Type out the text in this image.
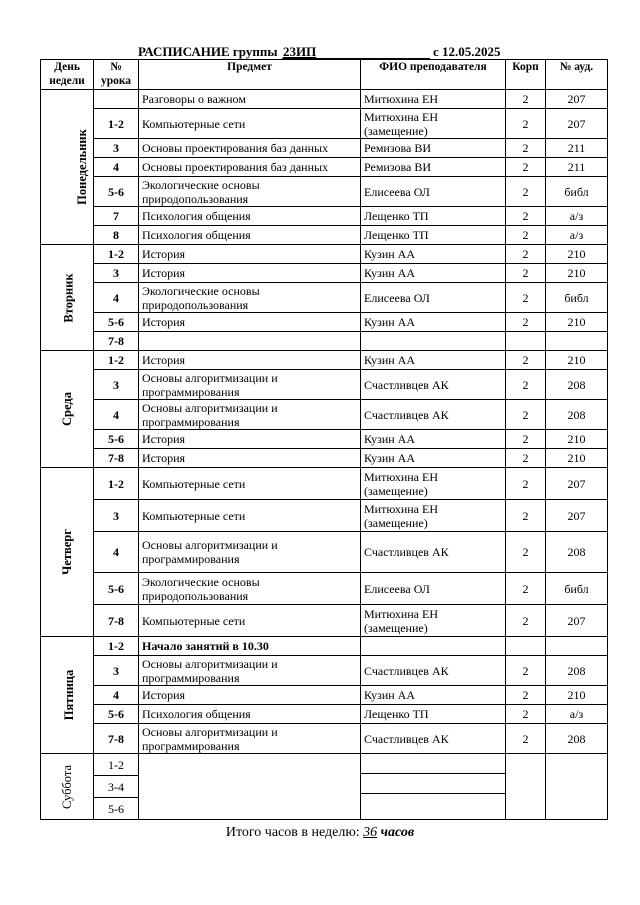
РАСПИСАНИЕ группы 23ИП	с 12.05.2025
День недели	№ урока	Предмет	ФИО преподавателя	Корп	№ ауд.
Понедельник		Разговоры о важном	Митюхина ЕН	2	207
	1-2	Компьютерные сети	Митюхина ЕН (замещение)	2	207
	3	Основы проектирования баз данных	Ремизова ВИ	2	211
	4	Основы проектирования баз данных	Ремизова ВИ	2	211
	5-6	Экологические основы природопользования	Елисеева ОЛ	2	библ
	7	Психология общения	Лещенко ТП	2	а/з
	8	Психология общения	Лещенко ТП	2	а/з
Вторник	1-2	История	Кузин АА	2	210
	3	История	Кузин АА	2	210
	4	Экологические основы природопользования	Елисеева ОЛ	2	библ
	5-6	История	Кузин АА	2	210
	7-8				
Среда	1-2	История	Кузин АА	2	210
	3	Основы алгоритмизации и программирования	Счастливцев АК	2	208
	4	Основы алгоритмизации и программирования	Счастливцев АК	2	208
	5-6	История	Кузин АА	2	210
	7-8	История	Кузин АА	2	210
Четверг	1-2	Компьютерные сети	Митюхина ЕН (замещение)	2	207
	3	Компьютерные сети	Митюхина ЕН (замещение)	2	207
	4	Основы алгоритмизации и программирования	Счастливцев АК	2	208
	5-6	Экологические основы природопользования	Елисеева ОЛ	2	библ
	7-8	Компьютерные сети	Митюхина ЕН (замещение)	2	207
Пятница	1-2	Начало занятий в 10.30			
	3	Основы алгоритмизации и программирования	Счастливцев АК	2	208
	4	История	Кузин АА	2	210
	5-6	Психология общения	Лещенко ТП	2	а/з
	7-8	Основы алгоритмизации и программирования	Счастливцев АК	2	208
Суббота	1-2		

	3-4				
	5-6				
Итого часов в неделю: 36 часов
